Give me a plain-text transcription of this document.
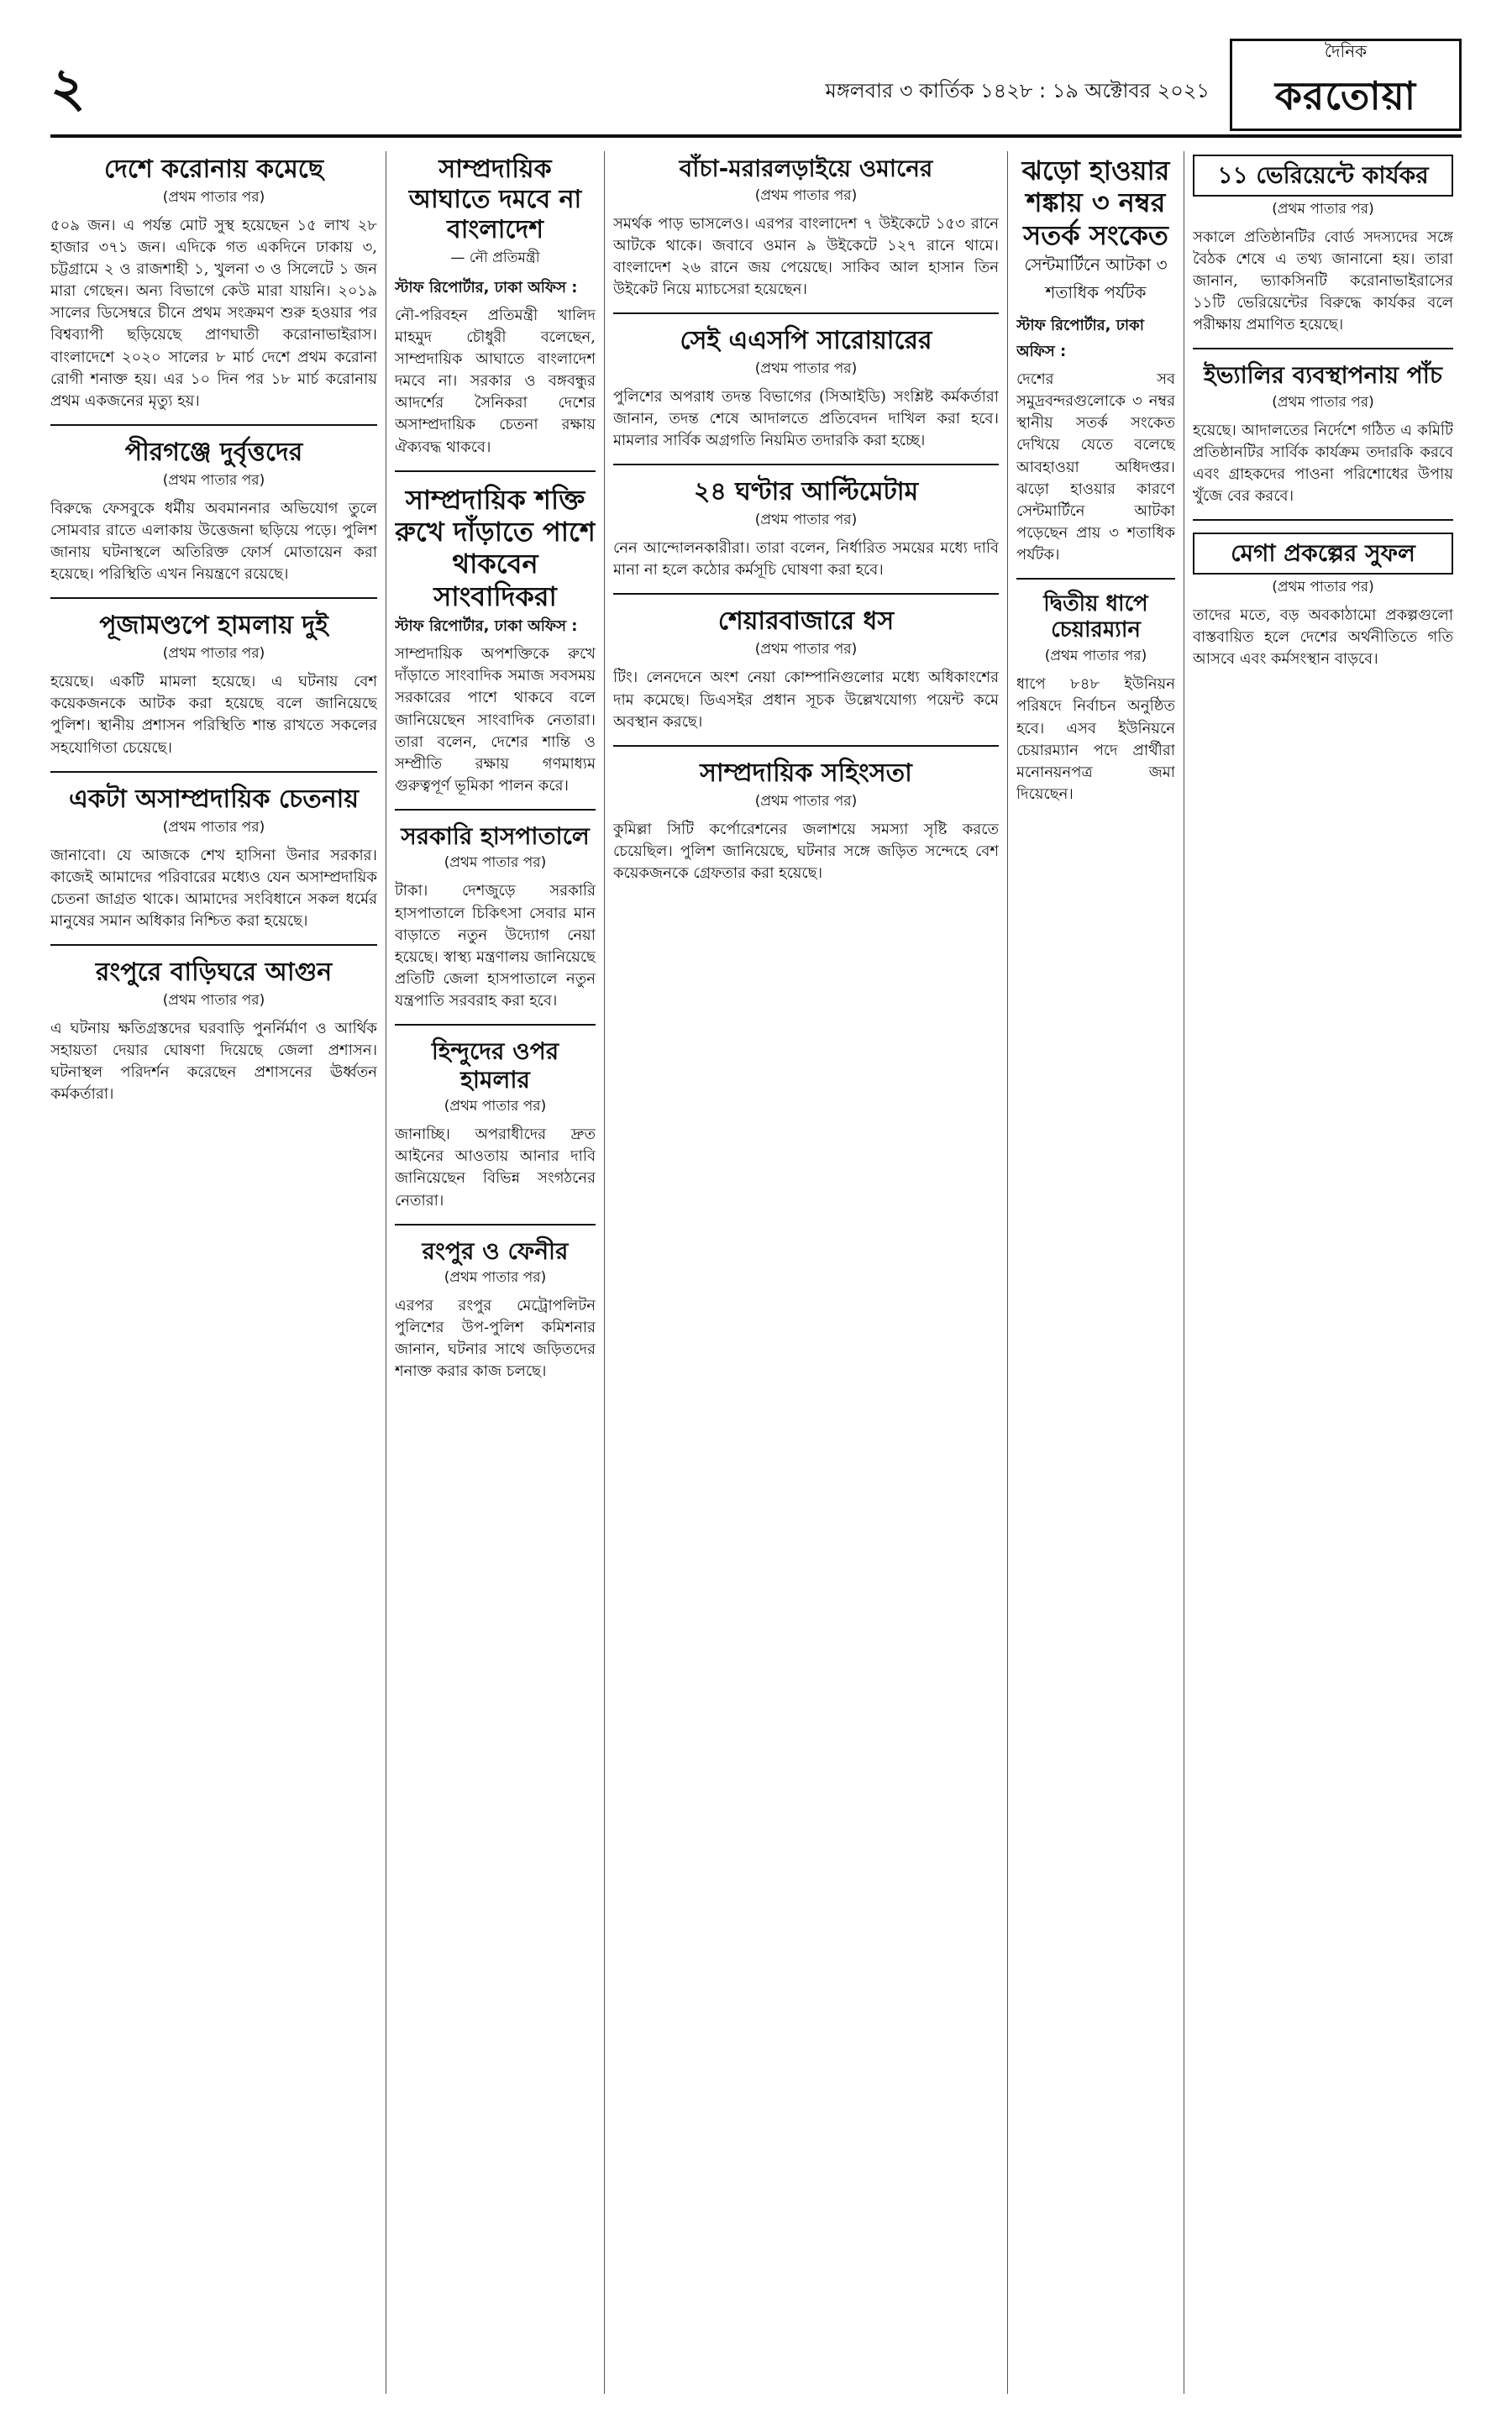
২	মঙ্গলবার ৩ কার্তিক ১৪২৮ : ১৯ অক্টোবর ২০২১
দৈনিক
করতোয়া
দেশে করোনায় কমেছে
(প্রথম পাতার পর)
৫০৯ জন। এ পর্যন্ত মোট সুস্থ হয়েছেন ১৫ লাখ ২৮ হাজার ৩৭১ জন। এদিকে গত একদিনে ঢাকায় ৩, চট্টগ্রামে ২ ও রাজশাহী ১, খুলনা ৩ ও সিলেটে ১ জন মারা গেছেন। অন্য বিভাগে কেউ মারা যায়নি। ২০১৯ সালের ডিসেম্বরে চীনে প্রথম সংক্রমণ শুরু হওয়ার পর বিশ্বব্যাপী ছড়িয়েছে প্রাণঘাতী করোনাভাইরাস। বাংলাদেশে ২০২০ সালের ৮ মার্চ দেশে প্রথম করোনা রোগী শনাক্ত হয়। এর ১০ দিন পর ১৮ মার্চ করোনায় প্রথম একজনের মৃত্যু হয়।
পীরগঞ্জে দুর্বৃত্তদের
(প্রথম পাতার পর)
বিরুদ্ধে ফেসবুকে ধর্মীয় অবমাননার অভিযোগ তুলে সোমবার রাতে এলাকায় উত্তেজনা ছড়িয়ে পড়ে। পুলিশ জানায় ঘটনাস্থলে অতিরিক্ত ফোর্স মোতায়েন করা হয়েছে। পরিস্থিতি এখন নিয়ন্ত্রণে রয়েছে।
পূজামণ্ডপে হামলায় দুই
(প্রথম পাতার পর)
হয়েছে। একটি মামলা হয়েছে। এ ঘটনায় বেশ কয়েকজনকে আটক করা হয়েছে বলে জানিয়েছে পুলিশ। স্থানীয় প্রশাসন পরিস্থিতি শান্ত রাখতে সকলের সহযোগিতা চেয়েছে।
একটা অসাম্প্রদায়িক চেতনায়
(প্রথম পাতার পর)
জানাবো। যে আজকে শেখ হাসিনা উনার সরকার। কাজেই আমাদের পরিবারের মধ্যেও যেন অসাম্প্রদায়িক চেতনা জাগ্রত থাকে। আমাদের সংবিধানে সকল ধর্মের মানুষের সমান অধিকার নিশ্চিত করা হয়েছে।
রংপুরে বাড়িঘরে আগুন
(প্রথম পাতার পর)
এ ঘটনায় ক্ষতিগ্রস্তদের ঘরবাড়ি পুনর্নির্মাণ ও আর্থিক সহায়তা দেয়ার ঘোষণা দিয়েছে জেলা প্রশাসন। ঘটনাস্থল পরিদর্শন করেছেন প্রশাসনের ঊর্ধ্বতন কর্মকর্তারা।
সাম্প্রদায়িক আঘাতে দমবে না বাংলাদেশ
— নৌ প্রতিমন্ত্রী
স্টাফ রিপোর্টার, ঢাকা অফিস :
নৌ-পরিবহন প্রতিমন্ত্রী খালিদ মাহমুদ চৌধুরী বলেছেন, সাম্প্রদায়িক আঘাতে বাংলাদেশ দমবে না। সরকার ও বঙ্গবন্ধুর আদর্শের সৈনিকরা দেশের অসাম্প্রদায়িক চেতনা রক্ষায় ঐক্যবদ্ধ থাকবে।
সাম্প্রদায়িক শক্তি রুখে দাঁড়াতে পাশে থাকবেন সাংবাদিকরা
স্টাফ রিপোর্টার, ঢাকা অফিস :
সাম্প্রদায়িক অপশক্তিকে রুখে দাঁড়াতে সাংবাদিক সমাজ সবসময় সরকারের পাশে থাকবে বলে জানিয়েছেন সাংবাদিক নেতারা। তারা বলেন, দেশের শান্তি ও সম্প্রীতি রক্ষায় গণমাধ্যম গুরুত্বপূর্ণ ভূমিকা পালন করে।
সরকারি হাসপাতালে
(প্রথম পাতার পর)
টাকা। দেশজুড়ে সরকারি হাসপাতালে চিকিৎসা সেবার মান বাড়াতে নতুন উদ্যোগ নেয়া হয়েছে। স্বাস্থ্য মন্ত্রণালয় জানিয়েছে প্রতিটি জেলা হাসপাতালে নতুন যন্ত্রপাতি সরবরাহ করা হবে।
হিন্দুদের ওপর হামলার
(প্রথম পাতার পর)
জানাচ্ছি। অপরাধীদের দ্রুত আইনের আওতায় আনার দাবি জানিয়েছেন বিভিন্ন সংগঠনের নেতারা।
রংপুর ও ফেনীর
(প্রথম পাতার পর)
এরপর রংপুর মেট্রোপলিটন পুলিশের উপ-পুলিশ কমিশনার জানান, ঘটনার সাথে জড়িতদের শনাক্ত করার কাজ চলছে।
বাঁচা-মরারলড়াইয়ে ওমানের
(প্রথম পাতার পর)
সমর্থক পাড় ভাসলেও। এরপর বাংলাদেশ ৭ উইকেটে ১৫৩ রানে আটকে থাকে। জবাবে ওমান ৯ উইকেটে ১২৭ রানে থামে। বাংলাদেশ ২৬ রানে জয় পেয়েছে। সাকিব আল হাসান তিন উইকেট নিয়ে ম্যাচসেরা হয়েছেন।
সেই এএসপি সারোয়ারের
(প্রথম পাতার পর)
পুলিশের অপরাধ তদন্ত বিভাগের (সিআইডি) সংশ্লিষ্ট কর্মকর্তারা জানান, তদন্ত শেষে আদালতে প্রতিবেদন দাখিল করা হবে। মামলার সার্বিক অগ্রগতি নিয়মিত তদারকি করা হচ্ছে।
২৪ ঘণ্টার আল্টিমেটাম
(প্রথম পাতার পর)
নেন আন্দোলনকারীরা। তারা বলেন, নির্ধারিত সময়ের মধ্যে দাবি মানা না হলে কঠোর কর্মসূচি ঘোষণা করা হবে।
শেয়ারবাজারে ধস
(প্রথম পাতার পর)
টিং। লেনদেনে অংশ নেয়া কোম্পানিগুলোর মধ্যে অধিকাংশের দাম কমেছে। ডিএসইর প্রধান সূচক উল্লেখযোগ্য পয়েন্ট কমে অবস্থান করছে।
সাম্প্রদায়িক সহিংসতা
(প্রথম পাতার পর)
কুমিল্লা সিটি কর্পোরেশনের জলাশয়ে সমস্যা সৃষ্টি করতে চেয়েছিল। পুলিশ জানিয়েছে, ঘটনার সঙ্গে জড়িত সন্দেহে বেশ কয়েকজনকে গ্রেফতার করা হয়েছে।
ঝড়ো হাওয়ার শঙ্কায় ৩ নম্বর সতর্ক সংকেত
সেন্টমার্টিনে আটকা ৩ শতাধিক পর্যটক
স্টাফ রিপোর্টার, ঢাকা অফিস :
দেশের সব সমুদ্রবন্দরগুলোকে ৩ নম্বর স্থানীয় সতর্ক সংকেত দেখিয়ে যেতে বলেছে আবহাওয়া অধিদপ্তর। ঝড়ো হাওয়ার কারণে সেন্টমার্টিনে আটকা পড়েছেন প্রায় ৩ শতাধিক পর্যটক।
দ্বিতীয় ধাপে চেয়ারম্যান
(প্রথম পাতার পর)
ধাপে ৮৪৮ ইউনিয়ন পরিষদে নির্বাচন অনুষ্ঠিত হবে। এসব ইউনিয়নে চেয়ারম্যান পদে প্রার্থীরা মনোনয়নপত্র জমা দিয়েছেন।
১১ ভেরিয়েন্টে কার্যকর
(প্রথম পাতার পর)
সকালে প্রতিষ্ঠানটির বোর্ড সদস্যদের সঙ্গে বৈঠক শেষে এ তথ্য জানানো হয়। তারা জানান, ভ্যাকসিনটি করোনাভাইরাসের ১১টি ভেরিয়েন্টের বিরুদ্ধে কার্যকর বলে পরীক্ষায় প্রমাণিত হয়েছে।
ইভ্যালির ব্যবস্থাপনায় পাঁচ
(প্রথম পাতার পর)
হয়েছে। আদালতের নির্দেশে গঠিত এ কমিটি প্রতিষ্ঠানটির সার্বিক কার্যক্রম তদারকি করবে এবং গ্রাহকদের পাওনা পরিশোধের উপায় খুঁজে বের করবে।
মেগা প্রকল্পের সুফল
(প্রথম পাতার পর)
তাদের মতে, বড় অবকাঠামো প্রকল্পগুলো বাস্তবায়িত হলে দেশের অর্থনীতিতে গতি আসবে এবং কর্মসংস্থান বাড়বে।
